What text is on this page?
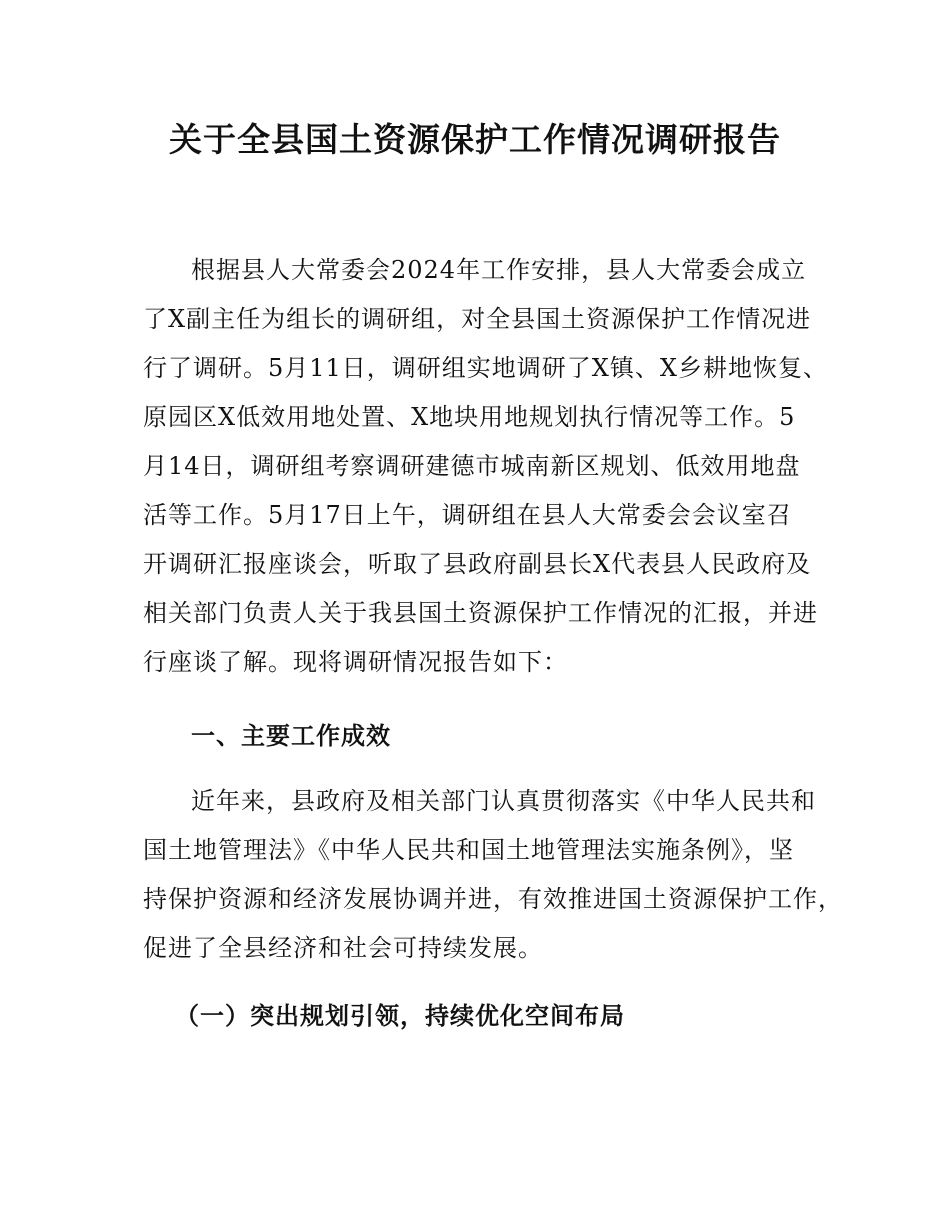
关于全县国土资源保护工作情况调研报告
根据县人大常委会2024年工作安排，县人大常委会成立
了X副主任为组长的调研组，对全县国土资源保护工作情况进
行了调研。5月11日，调研组实地调研了X镇、X乡耕地恢复、
原园区X低效用地处置、X地块用地规划执行情况等工作。5
月14日，调研组考察调研建德市城南新区规划、低效用地盘
活等工作。5月17日上午，调研组在县人大常委会会议室召
开调研汇报座谈会，听取了县政府副县长X代表县人民政府及
相关部门负责人关于我县国土资源保护工作情况的汇报，并进
行座谈了解。现将调研情况报告如下：
一、主要工作成效
近年来，县政府及相关部门认真贯彻落实《中华人民共和
国土地管理法》《中华人民共和国土地管理法实施条例》，坚
持保护资源和经济发展协调并进，有效推进国土资源保护工作，
促进了全县经济和社会可持续发展。
（一）突出规划引领，持续优化空间布局
